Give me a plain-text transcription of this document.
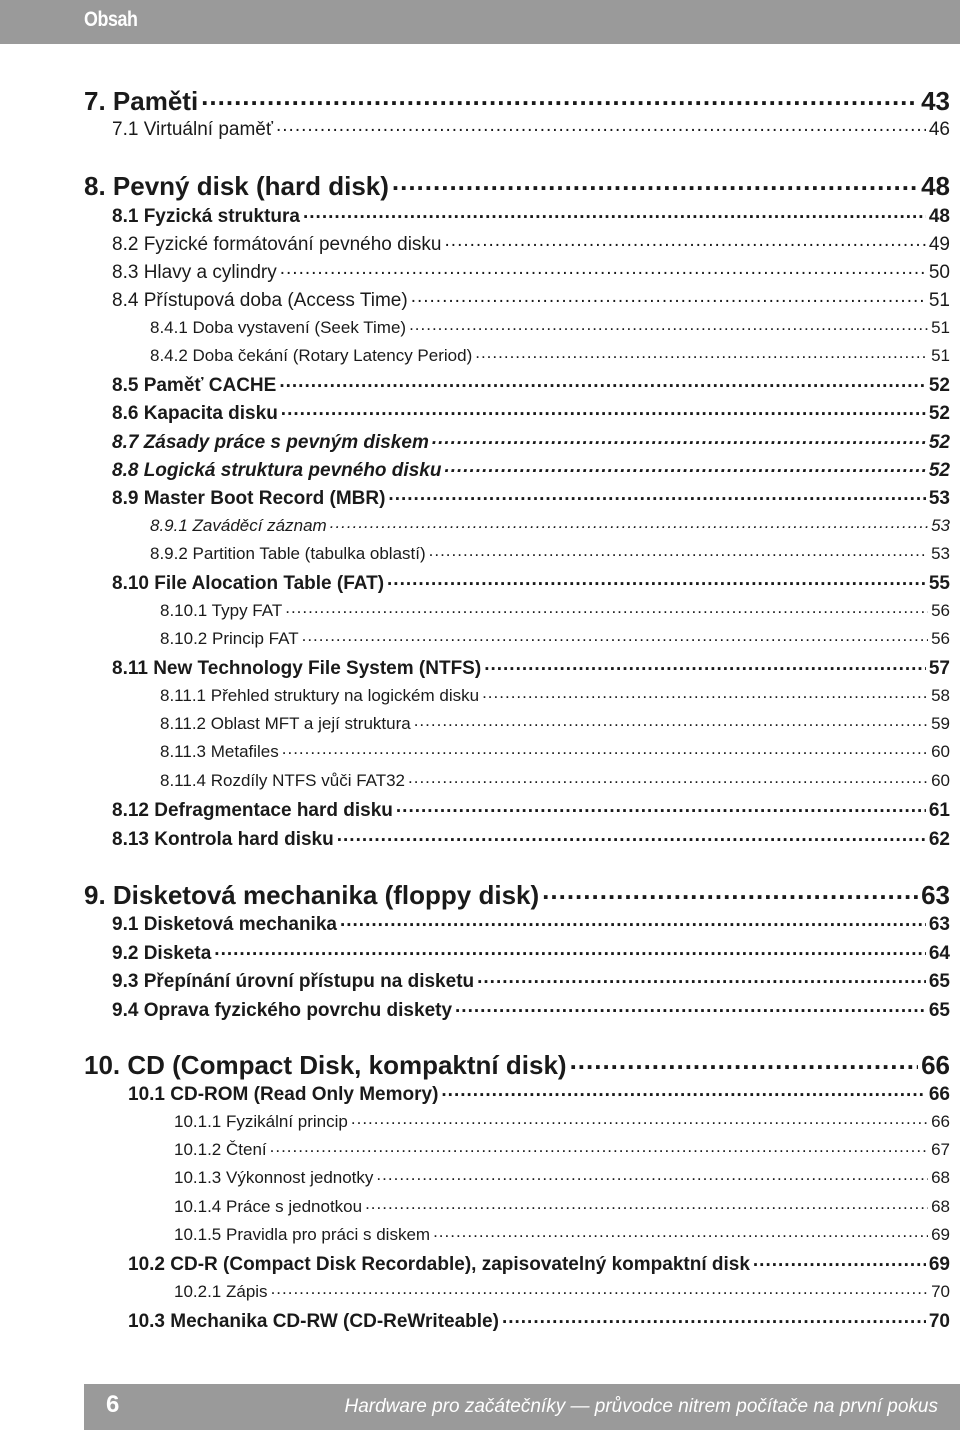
Obsah
7. Paměti .....	43
7.1 Virtuální paměť .....	46
8. Pevný disk (hard disk) .....	48
8.1 Fyzická struktura .....	48
8.2 Fyzické formátování pevného disku .....	49
8.3 Hlavy a cylindry .....	50
8.4 Přístupová doba (Access Time) .....	51
8.4.1 Doba vystavení (Seek Time) .....	51
8.4.2 Doba čekání (Rotary Latency Period) .....	51
8.5 Paměť CACHE .....	52
8.6 Kapacita disku .....	52
8.7 Zásady práce s pevným diskem .....	52
8.8 Logická struktura pevného disku .....	52
8.9 Master Boot Record (MBR) .....	53
8.9.1 Zaváděcí záznam .....	53
8.9.2 Partition Table (tabulka oblastí) .....	53
8.10 File Alocation Table (FAT) .....	55
8.10.1 Typy FAT .....	56
8.10.2 Princip FAT .....	56
8.11 New Technology File System (NTFS) .....	57
8.11.1 Přehled struktury na logickém disku .....	58
8.11.2 Oblast MFT a její struktura .....	59
8.11.3 Metafiles .....	60
8.11.4 Rozdíly NTFS vůči FAT32 .....	60
8.12 Defragmentace hard disku .....	61
8.13 Kontrola hard disku .....	62
9. Disketová mechanika (floppy disk) .....	63
9.1 Disketová mechanika .....	63
9.2 Disketa .....	64
9.3 Přepínání úrovní přístupu na disketu .....	65
9.4 Oprava fyzického povrchu diskety .....	65
10. CD (Compact Disk, kompaktní disk) .....	66
10.1 CD-ROM (Read Only Memory) .....	66
10.1.1 Fyzikální princip .....	66
10.1.2 Čtení .....	67
10.1.3 Výkonnost jednotky .....	68
10.1.4 Práce s jednotkou .....	68
10.1.5 Pravidla pro práci s diskem .....	69
10.2 CD-R (Compact Disk Recordable), zapisovatelný kompaktní disk .....	69
10.2.1 Zápis .....	70
10.3 Mechanika CD-RW (CD-ReWriteable) .....	70
6	Hardware pro začátečníky — průvodce nitrem počítače na první pokus
